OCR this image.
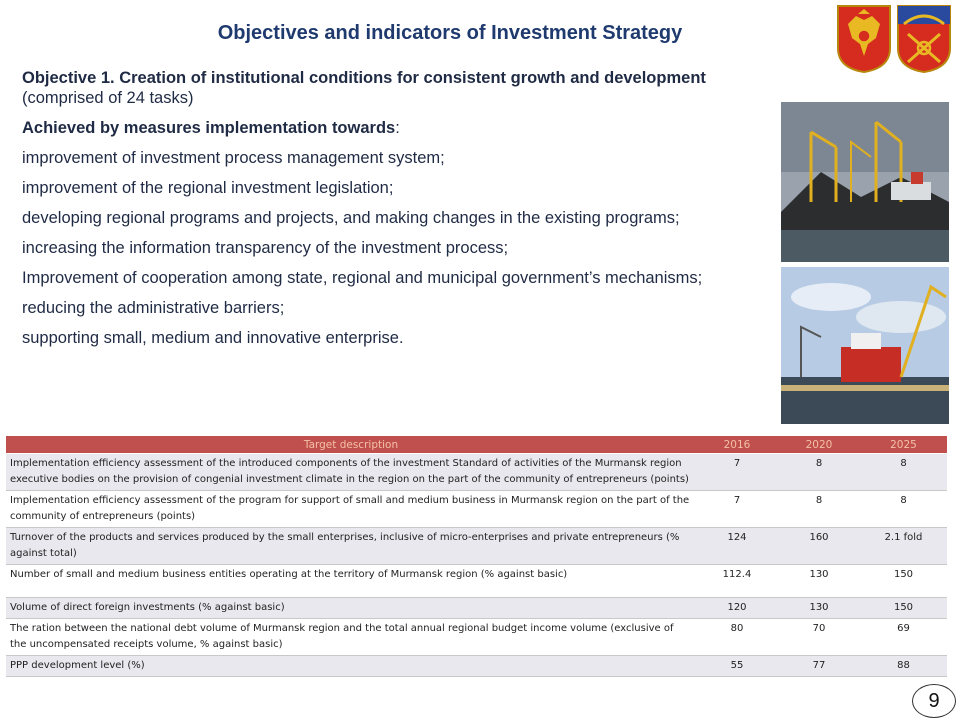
Objectives and indicators of Investment Strategy

Objective 1. Creation of institutional conditions for consistent growth and development (comprised of 24 tasks)

Achieved by measures implementation towards:

improvement of investment process management system;

improvement of the regional investment legislation;

developing regional programs and projects, and making changes in the existing programs;

increasing the information transparency of the investment process;

Improvement of cooperation among state, regional and municipal government’s mechanisms;

reducing the administrative barriers;

supporting small, medium and innovative enterprise.

Target description	2016	2020	2025
Implementation efficiency assessment of the introduced components of the investment Standard of activities of the Murmansk region executive bodies on the provision of congenial investment climate in the region on the part of the community of entrepreneurs (points)	7	8	8
Implementation efficiency assessment of the program for support of small and medium business in Murmansk region on the part of the community of entrepreneurs (points)	7	8	8
Turnover of the products and services produced by the small enterprises, inclusive of micro-enterprises and private entrepreneurs (% against total)	124	160	2.1 fold
Number of small and medium business entities operating at the territory of Murmansk region (% against basic)	112.4	130	150
Volume of direct foreign investments (% against basic)	120	130	150
The ration between the national debt volume of Murmansk region and the total annual regional budget income volume (exclusive of the uncompensated receipts volume, % against basic)	80	70	69
PPP development level (%)	55	77	88
9
